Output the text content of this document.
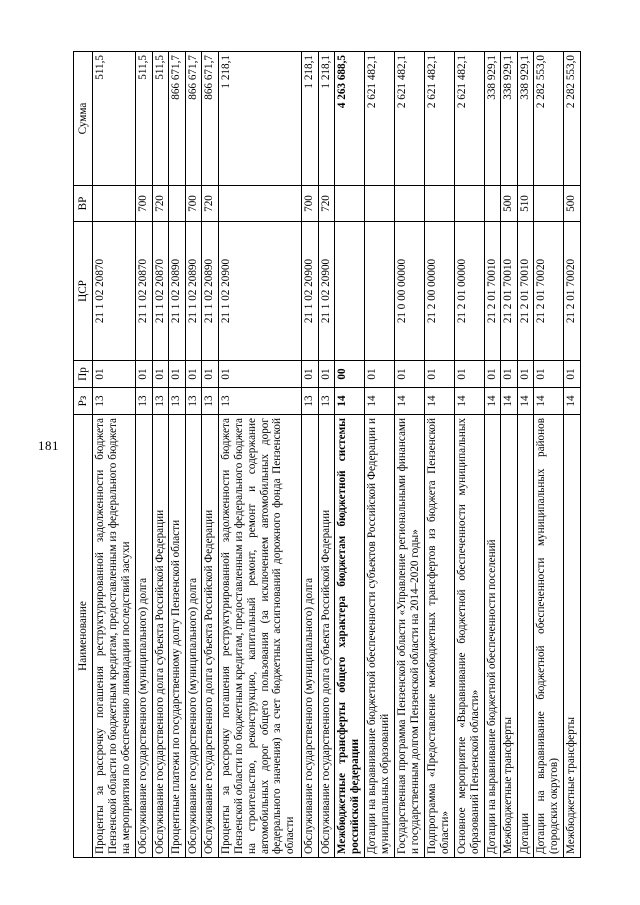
181
Наименование	Рз	Пр	ЦСР	ВР	Сумма
Проценты за рассрочку погашения реструктурированной задолженности бюджета Пензенской области по бюджетным кредитам, предоставленным из федерального бюджета на мероприятия по обеспечению ликвидации последствий засухи	13	01	21 1 02 20870		511,5
Обслуживание государственного (муниципального) долга	13	01	21 1 02 20870	700	511,5
Обслуживание государственного долга субъекта Российской Федерации	13	01	21 1 02 20870	720	511,5
Процентные платежи по государственному долгу Пензенской области	13	01	21 1 02 20890		866 671,7
Обслуживание государственного (муниципального) долга	13	01	21 1 02 20890	700	866 671,7
Обслуживание государственного долга субъекта Российской Федерации	13	01	21 1 02 20890	720	866 671,7
Проценты за рассрочку погашения реструктурированной задолженности бюджета Пензенской области по бюджетным кредитам, предоставленным из федерального бюджета на строительство, реконструкцию, капитальный ремонт, ремонт и содержание автомобильных дорог общего пользования (за исключением автомобильных дорог федерального значения) за счет бюджетных ассигнований дорожного фонда Пензенской области	13	01	21 1 02 20900		1 218,1
Обслуживание государственного (муниципального) долга	13	01	21 1 02 20900	700	1 218,1
Обслуживание государственного долга субъекта Российской Федерации	13	01	21 1 02 20900	720	1 218,1
Межбюджетные трансферты общего характера бюджетам бюджетной системы российской федерации	14	00			4 263 688,5
Дотации на выравнивание бюджетной обеспеченности субъектов Российской Федерации и муниципальных образований	14	01			2 621 482,1
Государственная программа Пензенской области «Управление региональными финансами и государственным долгом Пензенской области на 2014–2020 годы»	14	01	21 0 00 00000		2 621 482,1
Подпрограмма «Предоставление межбюджетных трансфертов из бюджета Пензенской области»	14	01	21 2 00 00000		2 621 482,1
Основное мероприятие «Выравнивание бюджетной обеспеченности муниципальных образований Пензенской области»	14	01	21 2 01 00000		2 621 482,1
Дотации на выравнивание бюджетной обеспеченности поселений	14	01	21 2 01 70010		338 929,1
Межбюджетные трансферты	14	01	21 2 01 70010	500	338 929,1
Дотации	14	01	21 2 01 70010	510	338 929,1
Дотации на выравнивание бюджетной обеспеченности муниципальных районов (городских округов)	14	01	21 2 01 70020		2 282 553,0
Межбюджетные трансферты	14	01	21 2 01 70020	500	2 282 553,0
